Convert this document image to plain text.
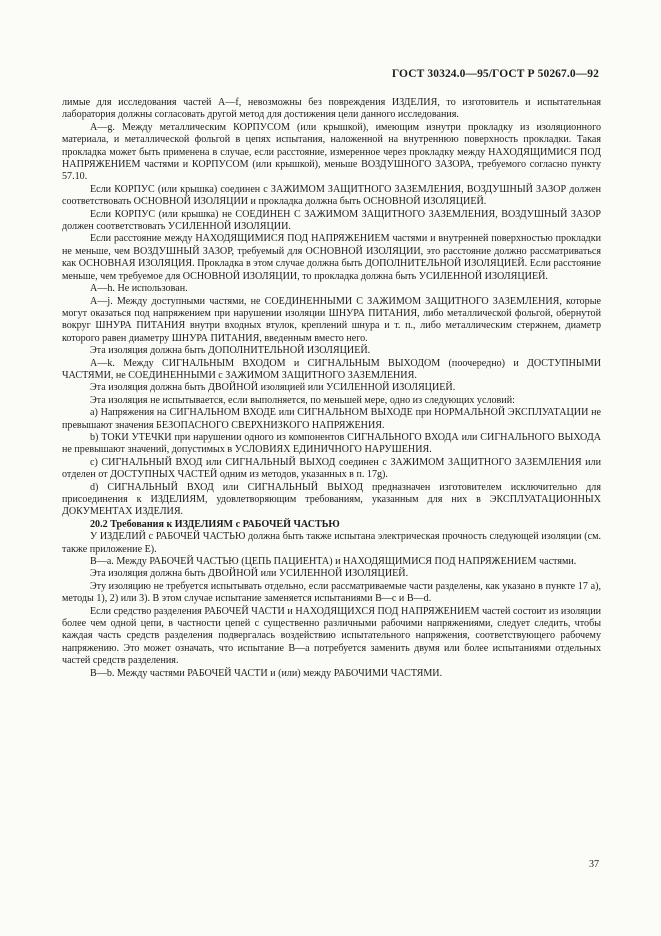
ГОСТ 30324.0—95/ГОСТ Р 50267.0—92

лимые для исследования частей A—f, невозможны без повреждения ИЗДЕЛИЯ, то изготовитель и испытательная лаборатория должны согласовать другой метод для достижения цели данного исследования.

A—g. Между металлическим КОРПУСОМ (или крышкой), имеющим изнутри прокладку из изоляционного материала, и металлической фольгой в цепях испытания, наложенной на внутреннюю поверхность прокладки. Такая прокладка может быть применена в случае, если расстояние, измеренное через прокладку между НАХОДЯЩИМИСЯ ПОД НАПРЯЖЕНИЕМ частями и КОРПУСОМ (или крышкой), меньше ВОЗДУШНОГО ЗАЗОРА, требуемого согласно пункту 57.10.

Если КОРПУС (или крышка) соединен с ЗАЖИМОМ ЗАЩИТНОГО ЗАЗЕМЛЕНИЯ, ВОЗДУШНЫЙ ЗАЗОР должен соответствовать ОСНОВНОЙ ИЗОЛЯЦИИ и прокладка должна быть ОСНОВНОЙ ИЗОЛЯЦИЕЙ.

Если КОРПУС (или крышка) не СОЕДИНЕН С ЗАЖИМОМ ЗАЩИТНОГО ЗАЗЕМЛЕНИЯ, ВОЗДУШНЫЙ ЗАЗОР должен соответствовать УСИЛЕННОЙ ИЗОЛЯЦИИ.

Если расстояние между НАХОДЯЩИМИСЯ ПОД НАПРЯЖЕНИЕМ частями и внутренней поверхностью прокладки не меньше, чем ВОЗДУШНЫЙ ЗАЗОР, требуемый для ОСНОВНОЙ ИЗОЛЯЦИИ, это расстояние должно рассматриваться как ОСНОВНАЯ ИЗОЛЯЦИЯ. Прокладка в этом случае должна быть ДОПОЛНИТЕЛЬНОЙ ИЗОЛЯЦИЕЙ. Если расстояние меньше, чем требуемое для ОСНОВНОЙ ИЗОЛЯЦИИ, то прокладка должна быть УСИЛЕННОЙ ИЗОЛЯЦИЕЙ.

A—h. Не использован.

A—j. Между доступными частями, не СОЕДИНЕННЫМИ С ЗАЖИМОМ ЗАЩИТНОГО ЗАЗЕМЛЕНИЯ, которые могут оказаться под напряжением при нарушении изоляции ШНУРА ПИТАНИЯ, либо металлической фольгой, обернутой вокруг ШНУРА ПИТАНИЯ внутри входных втулок, креплений шнура и т. п., либо металлическим стержнем, диаметр которого равен диаметру ШНУРА ПИТАНИЯ, введенным вместо него.

Эта изоляция должна быть ДОПОЛНИТЕЛЬНОЙ ИЗОЛЯЦИЕЙ.

A—k. Между СИГНАЛЬНЫМ ВХОДОМ и СИГНАЛЬНЫМ ВЫХОДОМ (поочередно) и ДОСТУПНЫМИ ЧАСТЯМИ, не СОЕДИНЕННЫМИ с ЗАЖИМОМ ЗАЩИТНОГО ЗАЗЕМЛЕНИЯ.

Эта изоляция должна быть ДВОЙНОЙ изоляцией или УСИЛЕННОЙ ИЗОЛЯЦИЕЙ.

Эта изоляция не испытывается, если выполняется, по меньшей мере, одно из следующих условий:

a) Напряжения на СИГНАЛЬНОМ ВХОДЕ или СИГНАЛЬНОМ ВЫХОДЕ при НОРМАЛЬНОЙ ЭКСПЛУАТАЦИИ не превышают значения БЕЗОПАСНОГО СВЕРХНИЗКОГО НАПРЯЖЕНИЯ.

b) ТОКИ УТЕЧКИ при нарушении одного из компонентов СИГНАЛЬНОГО ВХОДА или СИГНАЛЬНОГО ВЫХОДА не превышают значений, допустимых в УСЛОВИЯХ ЕДИНИЧНОГО НАРУШЕНИЯ.

c) СИГНАЛЬНЫЙ ВХОД или СИГНАЛЬНЫЙ ВЫХОД соединен с ЗАЖИМОМ ЗАЩИТНОГО ЗАЗЕМЛЕНИЯ или отделен от ДОСТУПНЫХ ЧАСТЕЙ одним из методов, указанных в п. 17g).

d) СИГНАЛЬНЫЙ ВХОД или СИГНАЛЬНЫЙ ВЫХОД предназначен изготовителем исключительно для присоединения к ИЗДЕЛИЯМ, удовлетворяющим требованиям, указанным для них в ЭКСПЛУАТАЦИОННЫХ ДОКУМЕНТАХ ИЗДЕЛИЯ.

20.2 Требования к ИЗДЕЛИЯМ с РАБОЧЕЙ ЧАСТЬЮ

У ИЗДЕЛИЙ с РАБОЧЕЙ ЧАСТЬЮ должна быть также испытана электрическая прочность следующей изоляции (см. также приложение Е).

B—a. Между РАБОЧЕЙ ЧАСТЬЮ (ЦЕПЬ ПАЦИЕНТА) и НАХОДЯЩИМИСЯ ПОД НАПРЯЖЕНИЕМ частями.

Эта изоляция должна быть ДВОЙНОЙ или УСИЛЕННОЙ ИЗОЛЯЦИЕЙ.

Эту изоляцию не требуется испытывать отдельно, если рассматриваемые части разделены, как указано в пункте 17 а), методы 1), 2) или 3). В этом случае испытание заменяется испытаниями B—c и B—d.

Если средство разделения РАБОЧЕЙ ЧАСТИ и НАХОДЯЩИХСЯ ПОД НАПРЯЖЕНИЕМ частей состоит из изоляции более чем одной цепи, в частности цепей с существенно различными рабочими напряжениями, следует следить, чтобы каждая часть средств разделения подвергалась воздействию испытательного напряжения, соответствующего рабочему напряжению. Это может означать, что испытание B—a потребуется заменить двумя или более испытаниями отдельных частей средств разделения.

B—b. Между частями РАБОЧЕЙ ЧАСТИ и (или) между РАБОЧИМИ ЧАСТЯМИ.

37
